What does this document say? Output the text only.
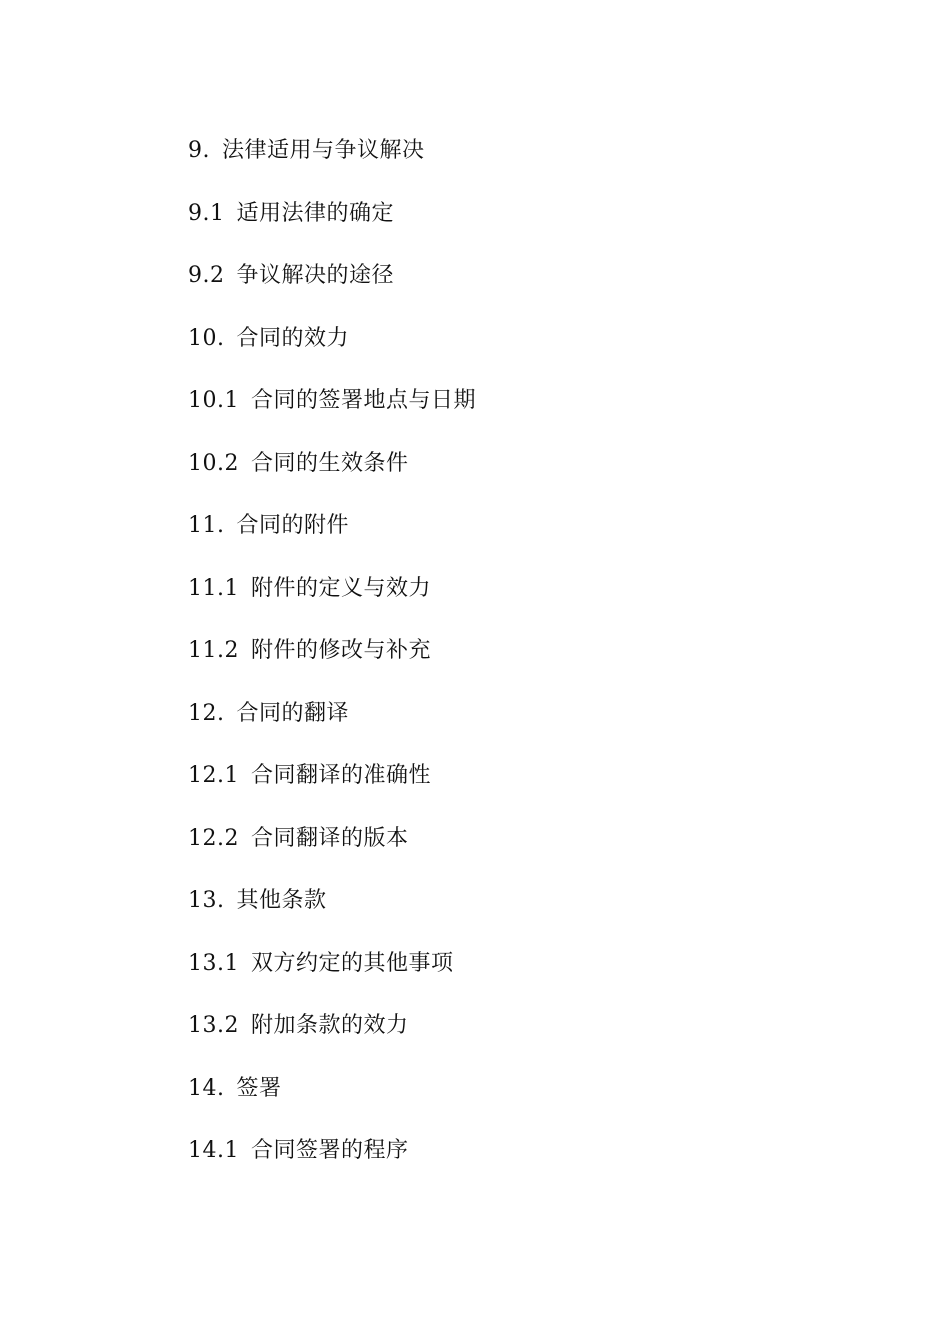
9. 法律适用与争议解决
9.1 适用法律的确定
9.2 争议解决的途径
10. 合同的效力
10.1 合同的签署地点与日期
10.2 合同的生效条件
11. 合同的附件
11.1 附件的定义与效力
11.2 附件的修改与补充
12. 合同的翻译
12.1 合同翻译的准确性
12.2 合同翻译的版本
13. 其他条款
13.1 双方约定的其他事项
13.2 附加条款的效力
14. 签署
14.1 合同签署的程序
